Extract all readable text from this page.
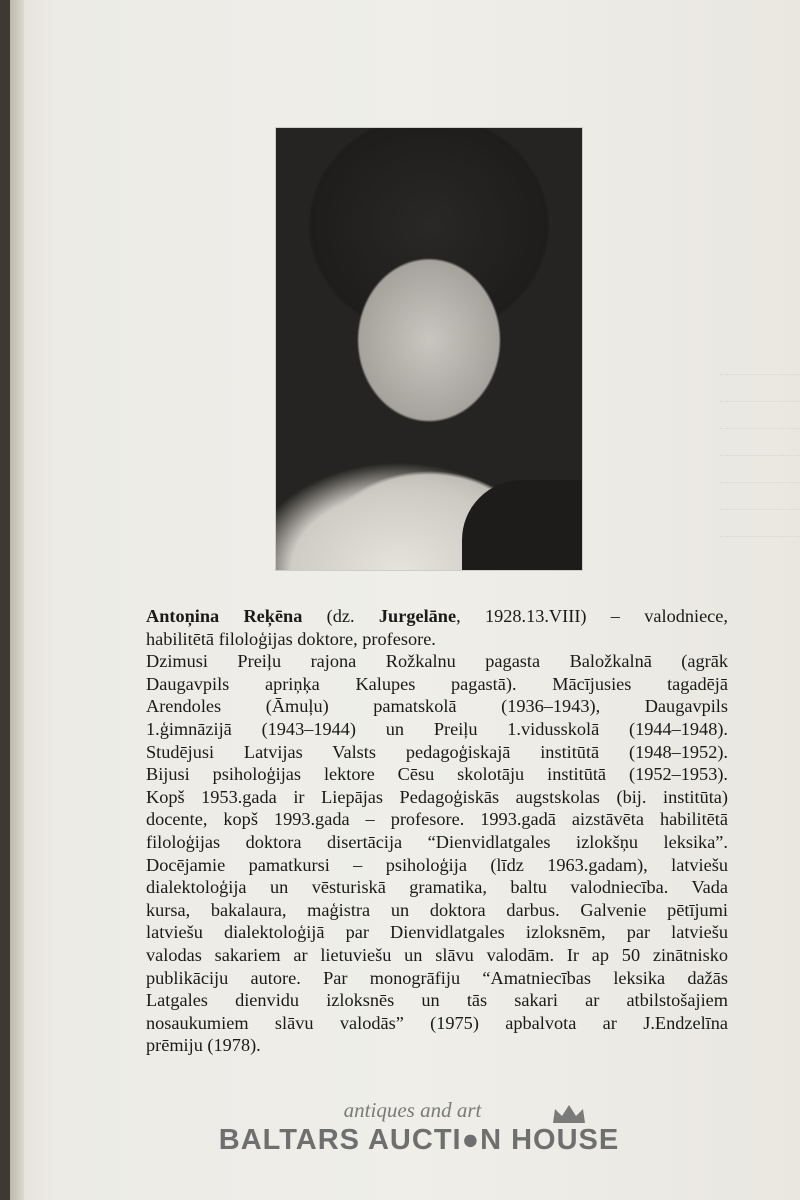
Antoņina Reķēna (dz. Jurgelāne, 1928.13.VIII) – valodniece,
habilitētā filoloģijas doktore, profesore.
Dzimusi Preiļu rajona Rožkalnu pagasta Baložkalnā (agrāk
Daugavpils apriņķa Kalupes pagastā). Mācījusies tagadējā
Arendoles (Āmuļu) pamatskolā (1936–1943), Daugavpils
1.ģimnāzijā (1943–1944) un Preiļu 1.vidusskolā (1944–1948).
Studējusi Latvijas Valsts pedagoģiskajā institūtā (1948–1952).
Bijusi psiholoģijas lektore Cēsu skolotāju institūtā (1952–1953).
Kopš 1953.gada ir Liepājas Pedagoģiskās augstskolas (bij. institūta)
docente, kopš 1993.gada – profesore. 1993.gadā aizstāvēta habilitētā
filoloģijas doktora disertācija “Dienvidlatgales izlokšņu leksika”.
Docējamie pamatkursi – psiholoģija (līdz 1963.gadam), latviešu
dialektoloģija un vēsturiskā gramatika, baltu valodniecība. Vada
kursa, bakalaura, maģistra un doktora darbus. Galvenie pētījumi
latviešu dialektoloģijā par Dienvidlatgales izloksnēm, par latviešu
valodas sakariem ar lietuviešu un slāvu valodām. Ir ap 50 zinātnisko
publikāciju autore. Par monogrāfiju “Amatniecības leksika dažās
Latgales dienvidu izloksnēs un tās sakari ar atbilstošajiem
nosaukumiem slāvu valodās” (1975) apbalvota ar J.Endzelīna
prēmiju (1978).
antiques and art
BALTARS AUCTI●N HOUSE
